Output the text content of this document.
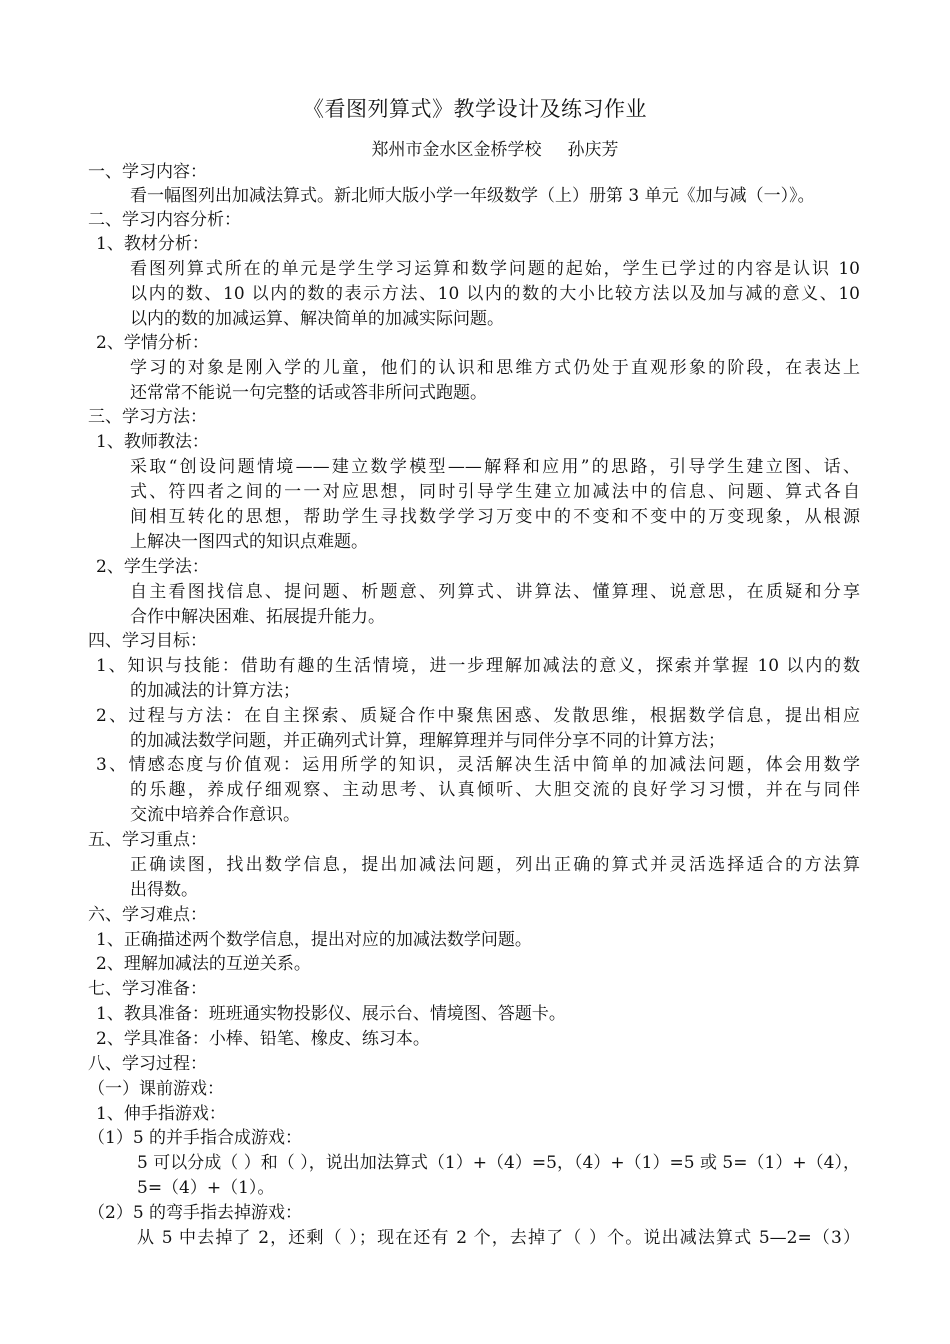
《看图列算式》教学设计及练习作业
郑州市金水区金桥学校 孙庆芳
一、学习内容：
看一幅图列出加减法算式。新北师大版小学一年级数学（上）册第 3 单元《加与减（一）》。
二、学习内容分析：
1、教材分析：
看图列算式所在的单元是学生学习运算和数学问题的起始，学生已学过的内容是认识 10
以内的数、10 以内的数的表示方法、10 以内的数的大小比较方法以及加与减的意义、10
以内的数的加减运算、解决简单的加减实际问题。
2、学情分析：
学习的对象是刚入学的儿童，他们的认识和思维方式仍处于直观形象的阶段，在表达上
还常常不能说一句完整的话或答非所问式跑题。
三、学习方法：
1、教师教法：
采取“创设问题情境——建立数学模型——解释和应用”的思路，引导学生建立图、话、
式、符四者之间的一一对应思想，同时引导学生建立加减法中的信息、问题、算式各自
间相互转化的思想，帮助学生寻找数学学习万变中的不变和不变中的万变现象，从根源
上解决一图四式的知识点难题。
2、学生学法：
自主看图找信息、提问题、析题意、列算式、讲算法、懂算理、说意思，在质疑和分享
合作中解决困难、拓展提升能力。
四、学习目标：
1、知识与技能：借助有趣的生活情境，进一步理解加减法的意义，探索并掌握 10 以内的数
的加减法的计算方法；
2、过程与方法：在自主探索、质疑合作中聚焦困惑、发散思维，根据数学信息，提出相应
的加减法数学问题，并正确列式计算，理解算理并与同伴分享不同的计算方法；
3、情感态度与价值观：运用所学的知识，灵活解决生活中简单的加减法问题，体会用数学
的乐趣，养成仔细观察、主动思考、认真倾听、大胆交流的良好学习习惯，并在与同伴
交流中培养合作意识。
五、学习重点：
正确读图，找出数学信息，提出加减法问题，列出正确的算式并灵活选择适合的方法算
出得数。
六、学习难点：
1、正确描述两个数学信息，提出对应的加减法数学问题。
2、理解加减法的互逆关系。
七、学习准备：
1、教具准备：班班通实物投影仪、展示台、情境图、答题卡。
2、学具准备：小棒、铅笔、橡皮、练习本。
八、学习过程：
（一）课前游戏：
1、伸手指游戏：
（1）5 的并手指合成游戏：
5 可以分成（ ）和（ ），说出加法算式（1）+（4）=5，（4）+（1）=5 或 5=（1）+（4），
5=（4）+（1）。
（2）5 的弯手指去掉游戏：
从 5 中去掉了 2，还剩（ ）；现在还有 2 个，去掉了（ ）个。说出减法算式 5—2=（3）
